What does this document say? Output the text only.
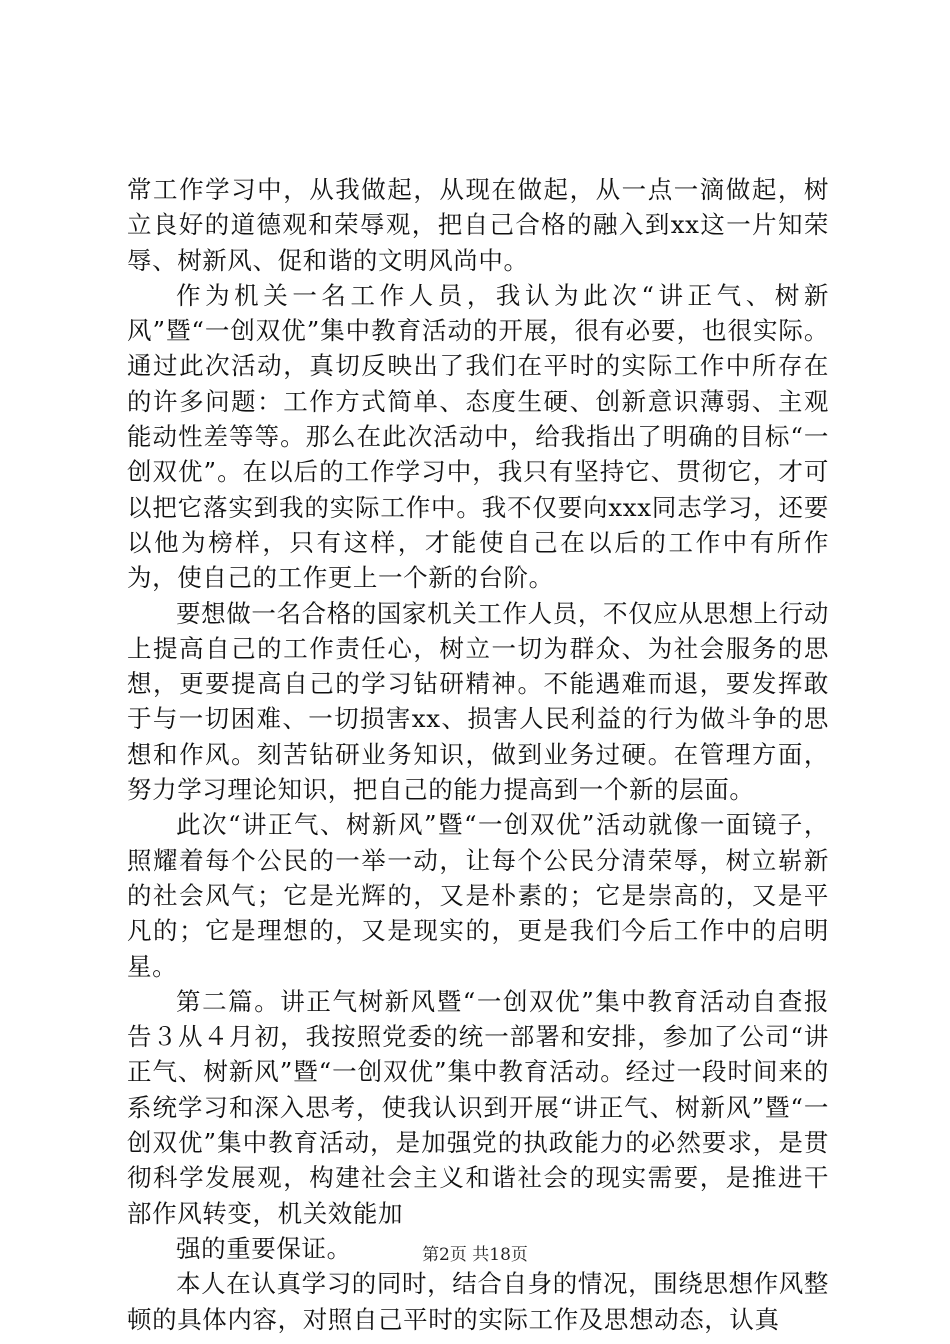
常工作学习中，从我做起，从现在做起，从一点一滴做起，树立良好的道德观和荣辱观，把自己合格的融入到xx这一片知荣辱、树新风、促和谐的文明风尚中。

作为机关一名工作人员，我认为此次“讲正气、树新风”暨“一创双优”集中教育活动的开展，很有必要，也很实际。通过此次活动，真切反映出了我们在平时的实际工作中所存在的许多问题：工作方式简单、态度生硬、创新意识薄弱、主观能动性差等等。那么在此次活动中，给我指出了明确的目标“一创双优”。在以后的工作学习中，我只有坚持它、贯彻它，才可以把它落实到我的实际工作中。我不仅要向xxx同志学习，还要以他为榜样，只有这样，才能使自己在以后的工作中有所作为，使自己的工作更上一个新的台阶。

要想做一名合格的国家机关工作人员，不仅应从思想上行动上提高自己的工作责任心，树立一切为群众、为社会服务的思想，更要提高自己的学习钻研精神。不能遇难而退，要发挥敢于与一切困难、一切损害xx、损害人民利益的行为做斗争的思想和作风。刻苦钻研业务知识，做到业务过硬。在管理方面，努力学习理论知识，把自己的能力提高到一个新的层面。

此次“讲正气、树新风”暨“一创双优”活动就像一面镜子，照耀着每个公民的一举一动，让每个公民分清荣辱，树立崭新的社会风气；它是光辉的，又是朴素的；它是崇高的，又是平凡的；它是理想的，又是现实的，更是我们今后工作中的启明星。

第二篇。讲正气树新风暨“一创双优”集中教育活动自查报告３从４月初，我按照党委的统一部署和安排，参加了公司“讲正气、树新风”暨“一创双优”集中教育活动。经过一段时间来的系统学习和深入思考，使我认识到开展“讲正气、树新风”暨“一创双优”集中教育活动，是加强党的执政能力的必然要求，是贯彻科学发展观，构建社会主义和谐社会的现实需要，是推进干部作风转变，机关效能加

强的重要保证。

本人在认真学习的同时，结合自身的情况，围绕思想作风整顿的具体内容，对照自己平时的实际工作及思想动态，认真

第2页 共18页
